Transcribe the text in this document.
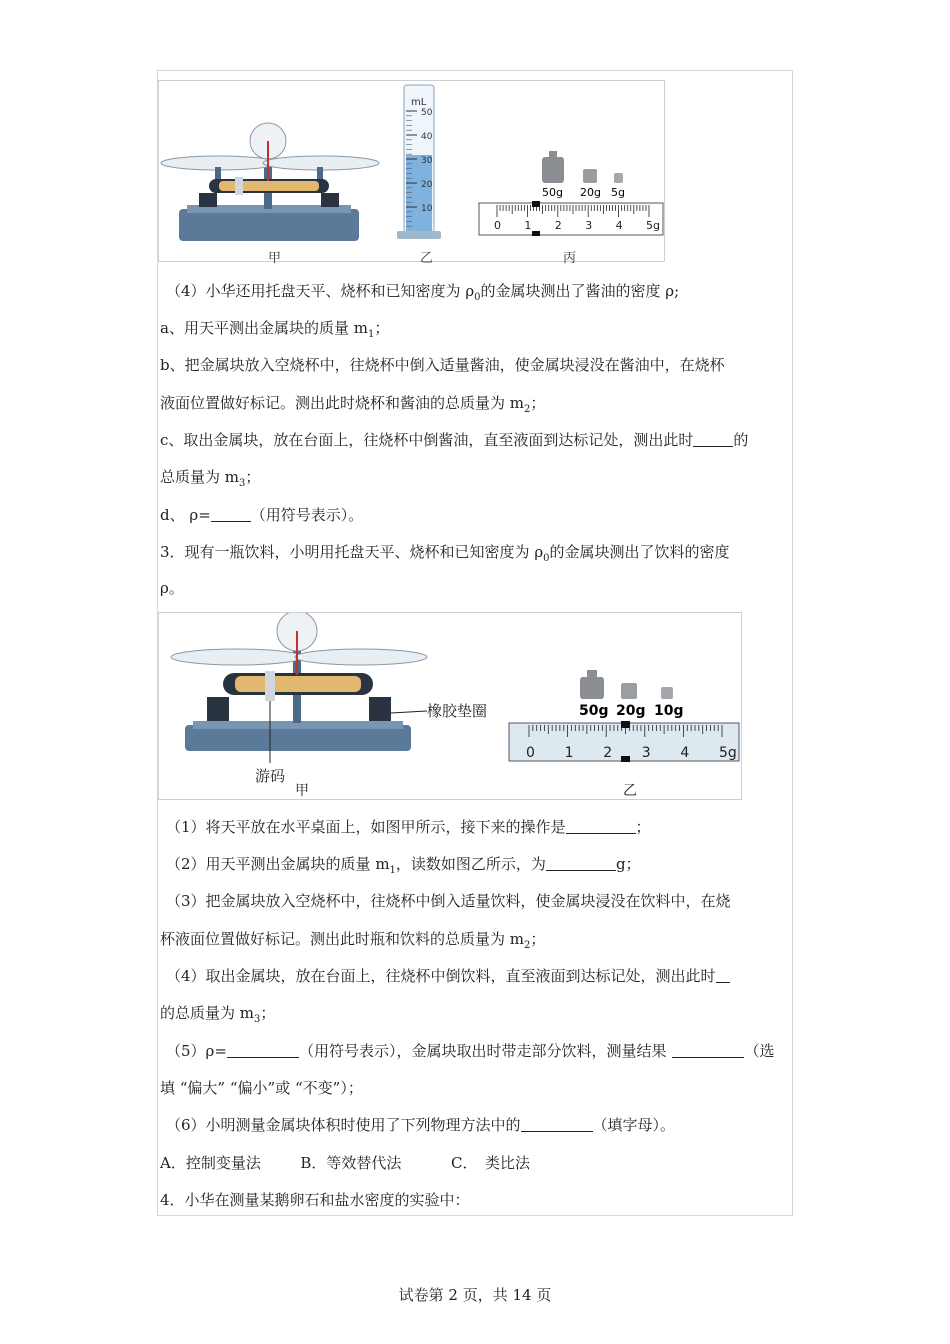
mL
50
40
30
20
10
50g 20g 5g
0 1 2 3 4 5g
甲	乙	丙
（4）小华还用托盘天平、烧杯和已知密度为 $\rho_0$的金属块测出了酱油的密度 ρ;
a、用天平测出金属块的质量 $m_1$；
b、把金属块放入空烧杯中，往烧杯中倒入适量酱油，使金属块浸没在酱油中，在烧杯
液面位置做好标记。测出此时烧杯和酱油的总质量为 $m_2$；
c、取出金属块，放在台面上，往烧杯中倒酱油，直至液面到达标记处，测出此时	的
总质量为 $m_3$；
d、 ρ=	（用符号表示）。
3．现有一瓶饮料，小明用托盘天平、烧杯和已知密度为 $\rho_0$的金属块测出了饮料的密度
ρ。
橡胶垫圈
游码
甲
50g 20g 10g
0 1 2 3 4 5g
乙
（1）将天平放在水平桌面上，如图甲所示，接下来的操作是	；
（2）用天平测出金属块的质量 $m_1$，读数如图乙所示，为	g；
（3）把金属块放入空烧杯中，往烧杯中倒入适量饮料，使金属块浸没在饮料中，在烧
杯液面位置做好标记。测出此时瓶和饮料的总质量为 $m_2$；
（4）取出金属块，放在台面上，往烧杯中倒饮料，直至液面到达标记处，测出此时
的总质量为 $m_3$；
（5）ρ=	（用符号表示），金属块取出时带走部分饮料，测量结果	（选
填 “偏大” “偏小”或 “不变”）；
（6）小明测量金属块体积时使用了下列物理方法中的	（填字母）。
A．控制变量法	B．等效替代法	C．　类比法
4．小华在测量某鹅卵石和盐水密度的实验中：
试卷第 2 页，共 14 页
